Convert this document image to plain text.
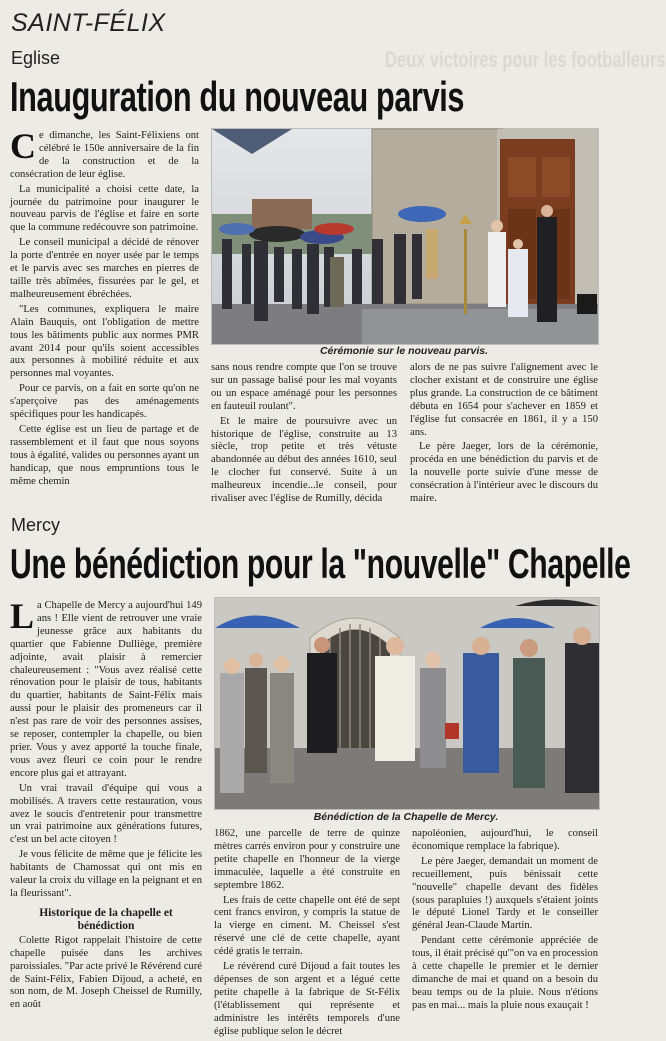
Deux victoires pour les footballeurs
SAINT-FÉLIX
Eglise
Inauguration du nouveau parvis
Cérémonie sur le nouveau parvis.
C e dimanche, les Saint-Félixiens ont célébré le 150e anniversaire de la fin de la construction et de la consécration de leur église.

La municipalité a choisi cette date, la journée du patrimoine pour inaugurer le nouveau parvis de l'église et faire en sorte que la commune redécouvre son patrimoine.

Le conseil municipal a décidé de rénover la porte d'entrée en noyer usée par le temps et le parvis avec ses marches en pierres de taille très abîmées, fissurées par le gel, et malheureusement ébréchées.

"Les communes, expliquera le maire Alain Bauquis, ont l'obligation de mettre tous les bâtiments public aux normes PMR avant 2014 pour qu'ils soient accessibles aux personnes à mobilité réduite et aux personnes mal voyantes.

Pour ce parvis, on a fait en sorte qu'on ne s'aperçoive pas des aménagements spécifiques pour les handicapés.

Cette église est un lieu de partage et de rassemblement et il faut que nous soyons tous à égalité, valides ou personnes ayant un handicap, que nous empruntions tous le même chemin

sans nous rendre compte que l'on se trouve sur un passage balisé pour les mal voyants ou un espace aménagé pour les personnes en fauteuil roulant".

Et le maire de poursuivre avec un historique de l'église, construite au 13 siècle, trop petite et très vétuste abandonnée au début des années 1610, seul le clocher fut conservé. Suite à un malheureux incendie...le conseil, pour rivaliser avec l'église de Rumilly, décida

alors de ne pas suivre l'alignement avec le clocher existant et de construire une église plus grande. La construction de ce bâtiment débuta en 1654 pour s'achever en 1859 et l'église fut consacrée en 1861, il y a 150 ans.

Le père Jaeger, lors de la cérémonie, procéda en une bénédiction du parvis et de la nouvelle porte suivie d'une messe de consécration à l'intérieur avec le discours du maire.

Mercy
Une bénédiction pour la "nouvelle" Chapelle
Bénédiction de la Chapelle de Mercy.
L a Chapelle de Mercy a aujourd'hui 149 ans ! Elle vient de retrouver une vraie jeunesse grâce aux habitants du quartier que Fabienne Dulliège, première adjointe, avait plaisir à remercier chaleureusement : "Vous avez réalisé cette rénovation pour le plaisir de tous, habitants du quartier, habitants de Saint-Félix mais aussi pour le plaisir des promeneurs car il n'est pas rare de voir des personnes assises, se reposer, contempler la chapelle, ou bien prier. Vous y avez apporté la touche finale, vous avez fleuri ce coin pour le rendre encore plus gai et attrayant.

Un vrai travail d'équipe qui vous a mobilisés. A travers cette restauration, vous avez le soucis d'entretenir pour transmettre un vrai patrimoine aux générations futures, c'est un bel acte citoyen !

Je vous félicite de même que je félicite les habitants de Chamossat qui ont mis en valeur la croix du village en la peignant et en la fleurissant".

Historique de la chapelle et bénédiction

Colette Rigot rappelait l'histoire de cette chapelle puisée dans les archives paroissiales. "Par acte privé le Révérend curé de Saint-Félix, Fabien Dijoud, a acheté, en son nom, de M. Joseph Cheissel de Rumilly, en août

1862, une parcelle de terre de quinze mètres carrés environ pour y construire une petite chapelle en l'honneur de la vierge immaculée, laquelle a été construite en septembre 1862.

Les frais de cette chapelle ont été de sept cent francs environ, y compris la statue de la vierge en ciment. M. Cheissel s'est réservé une clé de cette chapelle, ayant cédé gratis le terrain.

Le révérend curé Dijoud a fait toutes les dépenses de son argent et a légué cette petite chapelle à la fabrique de St-Félix (l'établissement qui représente et administre les intérêts temporels d'une église publique selon le décret

napoléonien, aujourd'hui, le conseil économique remplace la fabrique).

Le père Jaeger, demandait un moment de recueillement, puis bénissait cette "nouvelle" chapelle devant des fidèles (sous parapluies !) auxquels s'étaient joints le député Lionel Tardy et le conseiller général Jean-Claude Martin.

Pendant cette cérémonie appréciée de tous, il était précisé qu'"on va en procession à cette chapelle le premier et le dernier dimanche de mai et quand on a besoin du beau temps ou de la pluie. Nous n'étions pas en mai... mais la pluie nous exauçait !
